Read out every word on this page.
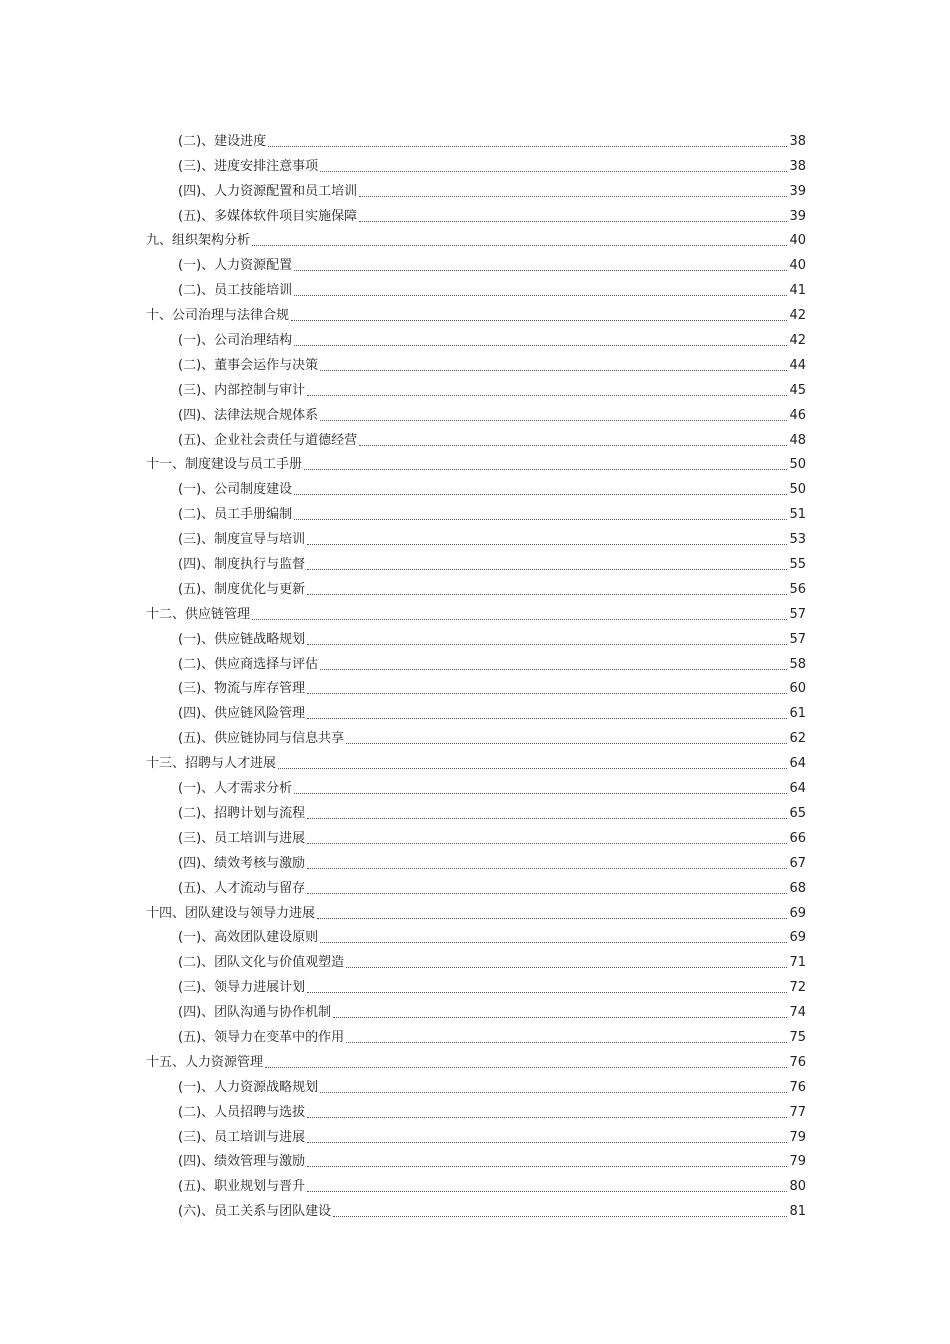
(二)、建设进度	38
(三)、进度安排注意事项	38
(四)、人力资源配置和员工培训	39
(五)、多媒体软件项目实施保障	39
九、组织架构分析	40
(一)、人力资源配置	40
(二)、员工技能培训	41
十、公司治理与法律合规	42
(一)、公司治理结构	42
(二)、董事会运作与决策	44
(三)、内部控制与审计	45
(四)、法律法规合规体系	46
(五)、企业社会责任与道德经营	48
十一、制度建设与员工手册	50
(一)、公司制度建设	50
(二)、员工手册编制	51
(三)、制度宣导与培训	53
(四)、制度执行与监督	55
(五)、制度优化与更新	56
十二、供应链管理	57
(一)、供应链战略规划	57
(二)、供应商选择与评估	58
(三)、物流与库存管理	60
(四)、供应链风险管理	61
(五)、供应链协同与信息共享	62
十三、招聘与人才进展	64
(一)、人才需求分析	64
(二)、招聘计划与流程	65
(三)、员工培训与进展	66
(四)、绩效考核与激励	67
(五)、人才流动与留存	68
十四、团队建设与领导力进展	69
(一)、高效团队建设原则	69
(二)、团队文化与价值观塑造	71
(三)、领导力进展计划	72
(四)、团队沟通与协作机制	74
(五)、领导力在变革中的作用	75
十五、人力资源管理	76
(一)、人力资源战略规划	76
(二)、人员招聘与选拔	77
(三)、员工培训与进展	79
(四)、绩效管理与激励	79
(五)、职业规划与晋升	80
(六)、员工关系与团队建设	81
